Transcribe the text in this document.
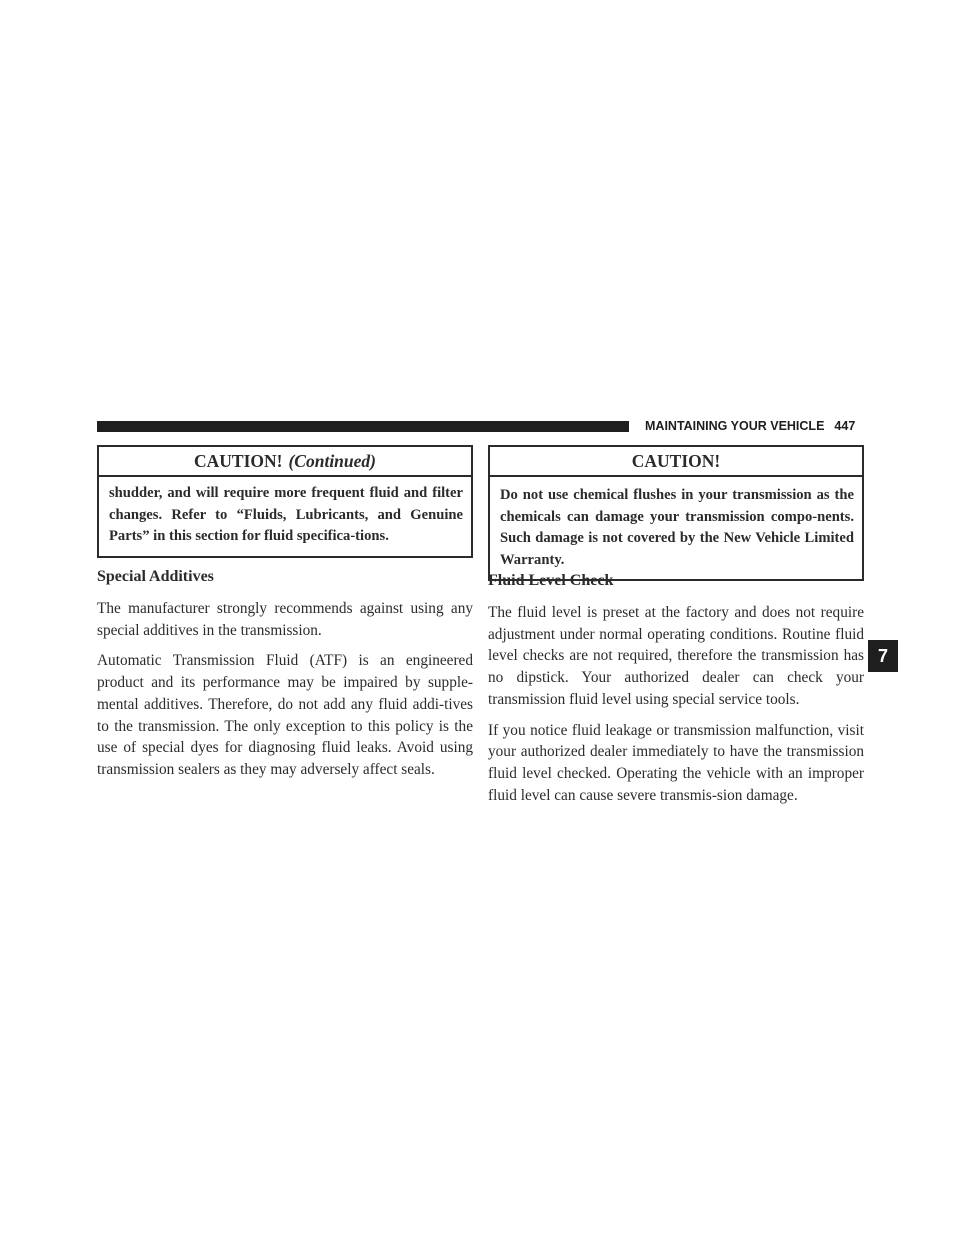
MAINTAINING YOUR VEHICLE 447
CAUTION! (Continued)
shudder, and will require more frequent fluid and filter changes. Refer to “Fluids, Lubricants, and Genuine Parts” in this section for fluid specifica-tions.
Special Additives

The manufacturer strongly recommends against using any special additives in the transmission.

Automatic Transmission Fluid (ATF) is an engineered product and its performance may be impaired by supple-mental additives. Therefore, do not add any fluid addi-tives to the transmission. The only exception to this policy is the use of special dyes for diagnosing fluid leaks. Avoid using transmission sealers as they may adversely affect seals.

CAUTION!
Do not use chemical flushes in your transmission as the chemicals can damage your transmission compo-nents. Such damage is not covered by the New Vehicle Limited Warranty.
Fluid Level Check

The fluid level is preset at the factory and does not require adjustment under normal operating conditions. Routine fluid level checks are not required, therefore the transmission has no dipstick. Your authorized dealer can check your transmission fluid level using special service tools.

If you notice fluid leakage or transmission malfunction, visit your authorized dealer immediately to have the transmission fluid level checked. Operating the vehicle with an improper fluid level can cause severe transmis-sion damage.

7
